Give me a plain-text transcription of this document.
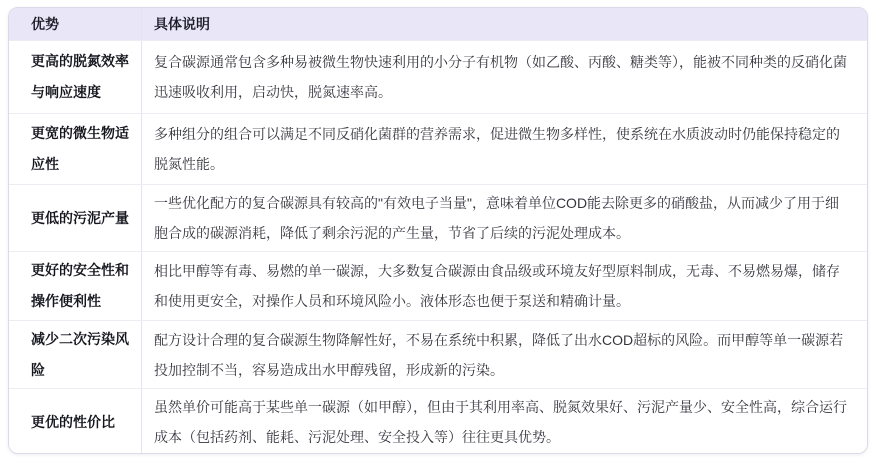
优势	具体说明
更高的脱氮效率与响应速度
复合碳源通常包含多种易被微生物快速利用的小分子有机物（如乙酸、丙酸、糖类等），能被不同种类的反硝化菌迅速吸收利用，启动快，脱氮速率高。
更宽的微生物适应性
多种组分的组合可以满足不同反硝化菌群的营养需求，促进微生物多样性，使系统在水质波动时仍能保持稳定的脱氮性能。
更低的污泥产量
一些优化配方的复合碳源具有较高的"有效电子当量"，意味着单位COD能去除更多的硝酸盐，从而减少了用于细胞合成的碳源消耗，降低了剩余污泥的产生量，节省了后续的污泥处理成本。
更好的安全性和操作便利性
相比甲醇等有毒、易燃的单一碳源，大多数复合碳源由食品级或环境友好型原料制成，无毒、不易燃易爆，储存和使用更安全，对操作人员和环境风险小。液体形态也便于泵送和精确计量。
减少二次污染风险
配方设计合理的复合碳源生物降解性好，不易在系统中积累，降低了出水COD超标的风险。而甲醇等单一碳源若投加控制不当，容易造成出水甲醇残留，形成新的污染。
更优的性价比
虽然单价可能高于某些单一碳源（如甲醇），但由于其利用率高、脱氮效果好、污泥产量少、安全性高，综合运行成本（包括药剂、能耗、污泥处理、安全投入等）往往更具优势。
